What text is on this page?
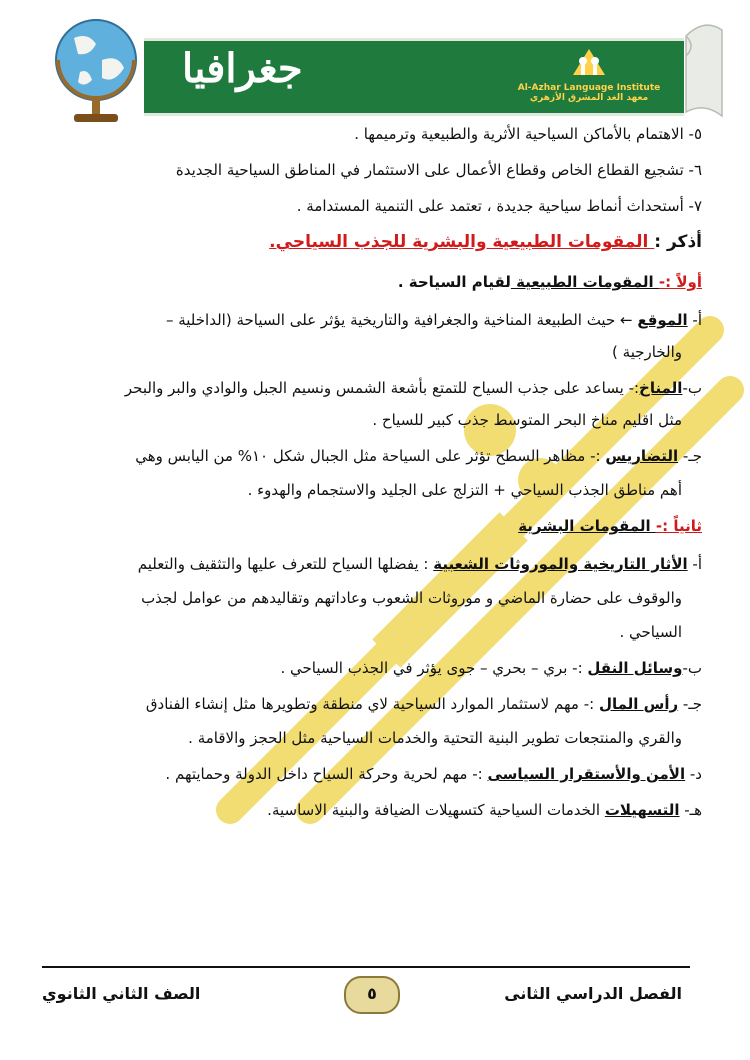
جغرافيا	Al-Azhar Language Institute
معهد الغد المشرق الأزهري
٥- الاهتمام بالأماكن السياحية الأثرية والطبيعية وترميمها .
٦- تشجيع القطاع الخاص وقطاع الأعمال على الاستثمار في المناطق السياحية الجديدة
٧- أستحداث أنماط سياحية جديدة ، تعتمد على التنمية المستدامة .
أذكر : المقومات الطبيعية والبشرية للجذب السياحي.
أولاً :- المقومات الطبيعية لقيام السياحة .
أ- الموقع ← حيث الطبيعة المناخية والجغرافية والتاريخية يؤثر على السياحة (الداخلية –
والخارجية )
ب-المناخ:- يساعد على جذب السياح للتمتع بأشعة الشمس ونسيم الجبل والوادي والبر والبحر
مثل اقليم مناخ البحر المتوسط جذب كبير للسياح .
جـ- التضاريس :- مظاهر السطح تؤثر على السياحة مثل الجبال شكل ١٠% من اليابس وهي
أهم مناطق الجذب السياحي + التزلج على الجليد والاستجمام والهدوء .
ثانياً :- المقومات البشرية
أ- الأثار التاريخية والموروثات الشعبية : يفضلها السياح للتعرف عليها والتثقيف والتعليم
والوقوف على حضارة الماضي و موروثات الشعوب وعاداتهم وتقاليدهم من عوامل لجذب
السياحي .
ب-وسائل النقل :- بري – بحري – جوى يؤثر في الجذب السياحي .
جـ- رأس المال :- مهم لاستثمار الموارد السياحية لاي منطقة وتطويرها مثل إنشاء الفنادق
والقري والمنتجعات تطوير البنية التحتية والخدمات السياحية مثل الحجز والاقامة .
د- الأمن والأستقرار السياسى :- مهم لحرية وحركة السياح داخل الدولة وحمايتهم .
هـ- التسهيلات الخدمات السياحية كتسهيلات الضيافة والبنية الاساسية.
الصف الثاني الثانوي	٥	الفصل الدراسي الثانى
